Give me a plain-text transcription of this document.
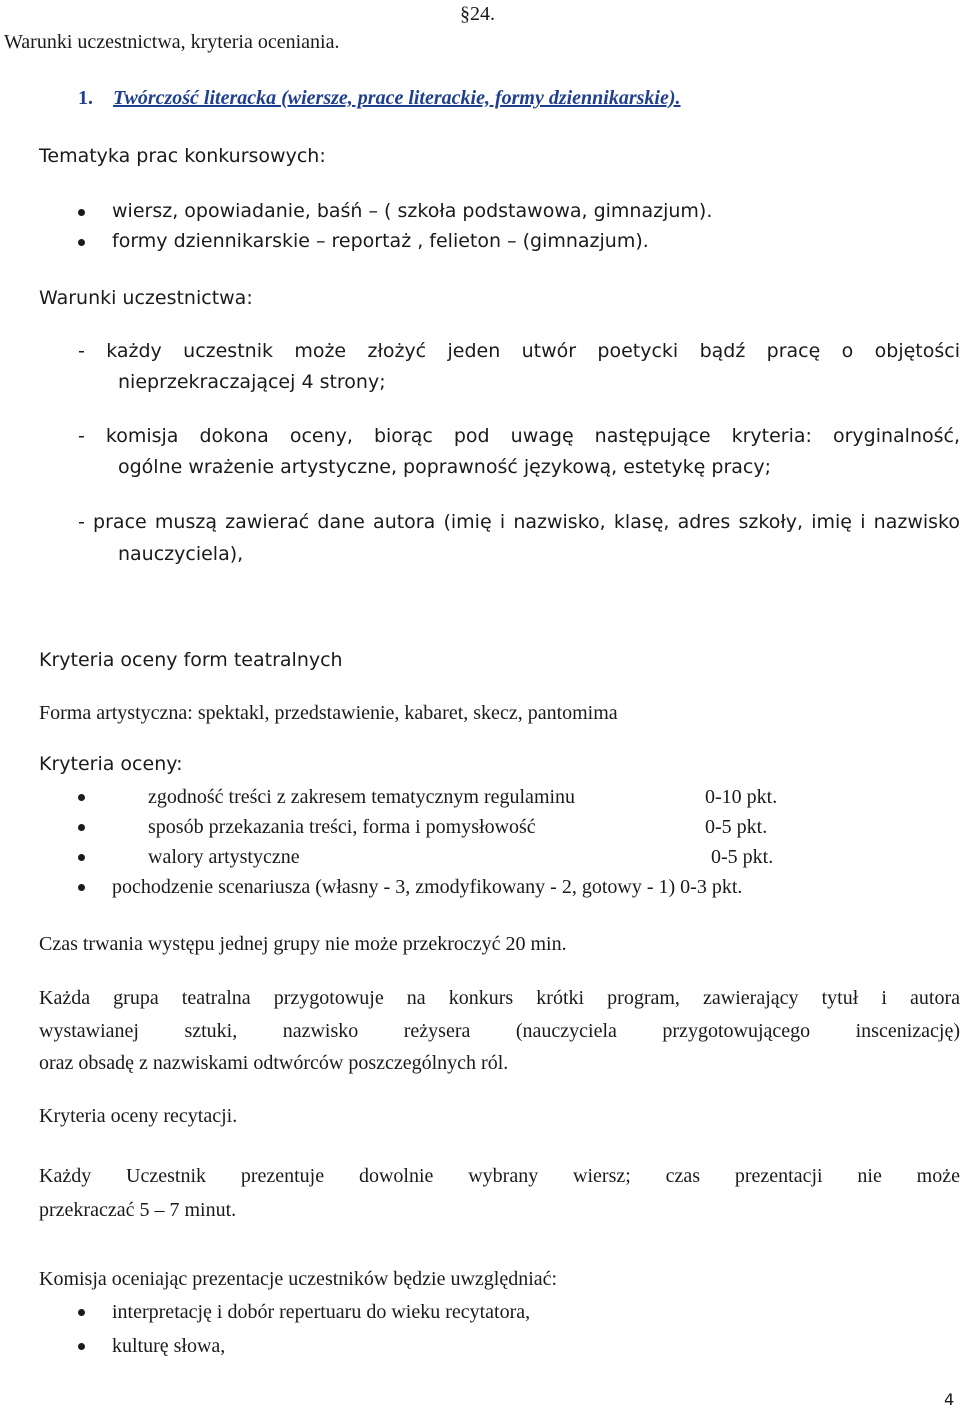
Warunki uczestnictwa, kryteria oceniania.
§24.
1. Twórczość literacka (wiersze, prace literackie, formy dziennikarskie).
Tematyka prac konkursowych:
wiersz, opowiadanie, baśń – ( szkoła podstawowa, gimnazjum).
formy dziennikarskie – reportaż , felieton – (gimnazjum).
Warunki uczestnictwa:
- każdy uczestnik może złożyć jeden utwór poetycki bądź pracę o objętości
nieprzekraczającej 4 strony;
- komisja dokona oceny, biorąc pod uwagę następujące kryteria: oryginalność,
ogólne wrażenie artystyczne, poprawność językową, estetykę pracy;
- prace muszą zawierać dane autora (imię i nazwisko, klasę, adres szkoły, imię i nazwisko
nauczyciela),
Kryteria oceny form teatralnych
Forma artystyczna: spektakl, przedstawienie, kabaret, skecz, pantomima
Kryteria oceny:
zgodność treści z zakresem tematycznym regulaminu	0-10 pkt.
sposób przekazania treści, forma i pomysłowość	0-5 pkt.
walory artystyczne	0-5 pkt.
pochodzenie scenariusza (własny - 3, zmodyfikowany - 2, gotowy - 1) 0-3 pkt.
Czas trwania występu jednej grupy nie może przekroczyć 20 min.
Każda grupa teatralna przygotowuje na konkurs krótki program, zawierający tytuł i autora
wystawianej sztuki, nazwisko reżysera (nauczyciela przygotowującego inscenizację)
oraz obsadę z nazwiskami odtwórców poszczególnych ról.
Kryteria oceny recytacji.
Każdy Uczestnik prezentuje dowolnie wybrany wiersz; czas prezentacji nie może
przekraczać 5 – 7 minut.
Komisja oceniając prezentacje uczestników będzie uwzględniać:
interpretację i dobór repertuaru do wieku recytatora,
kulturę słowa,
4
